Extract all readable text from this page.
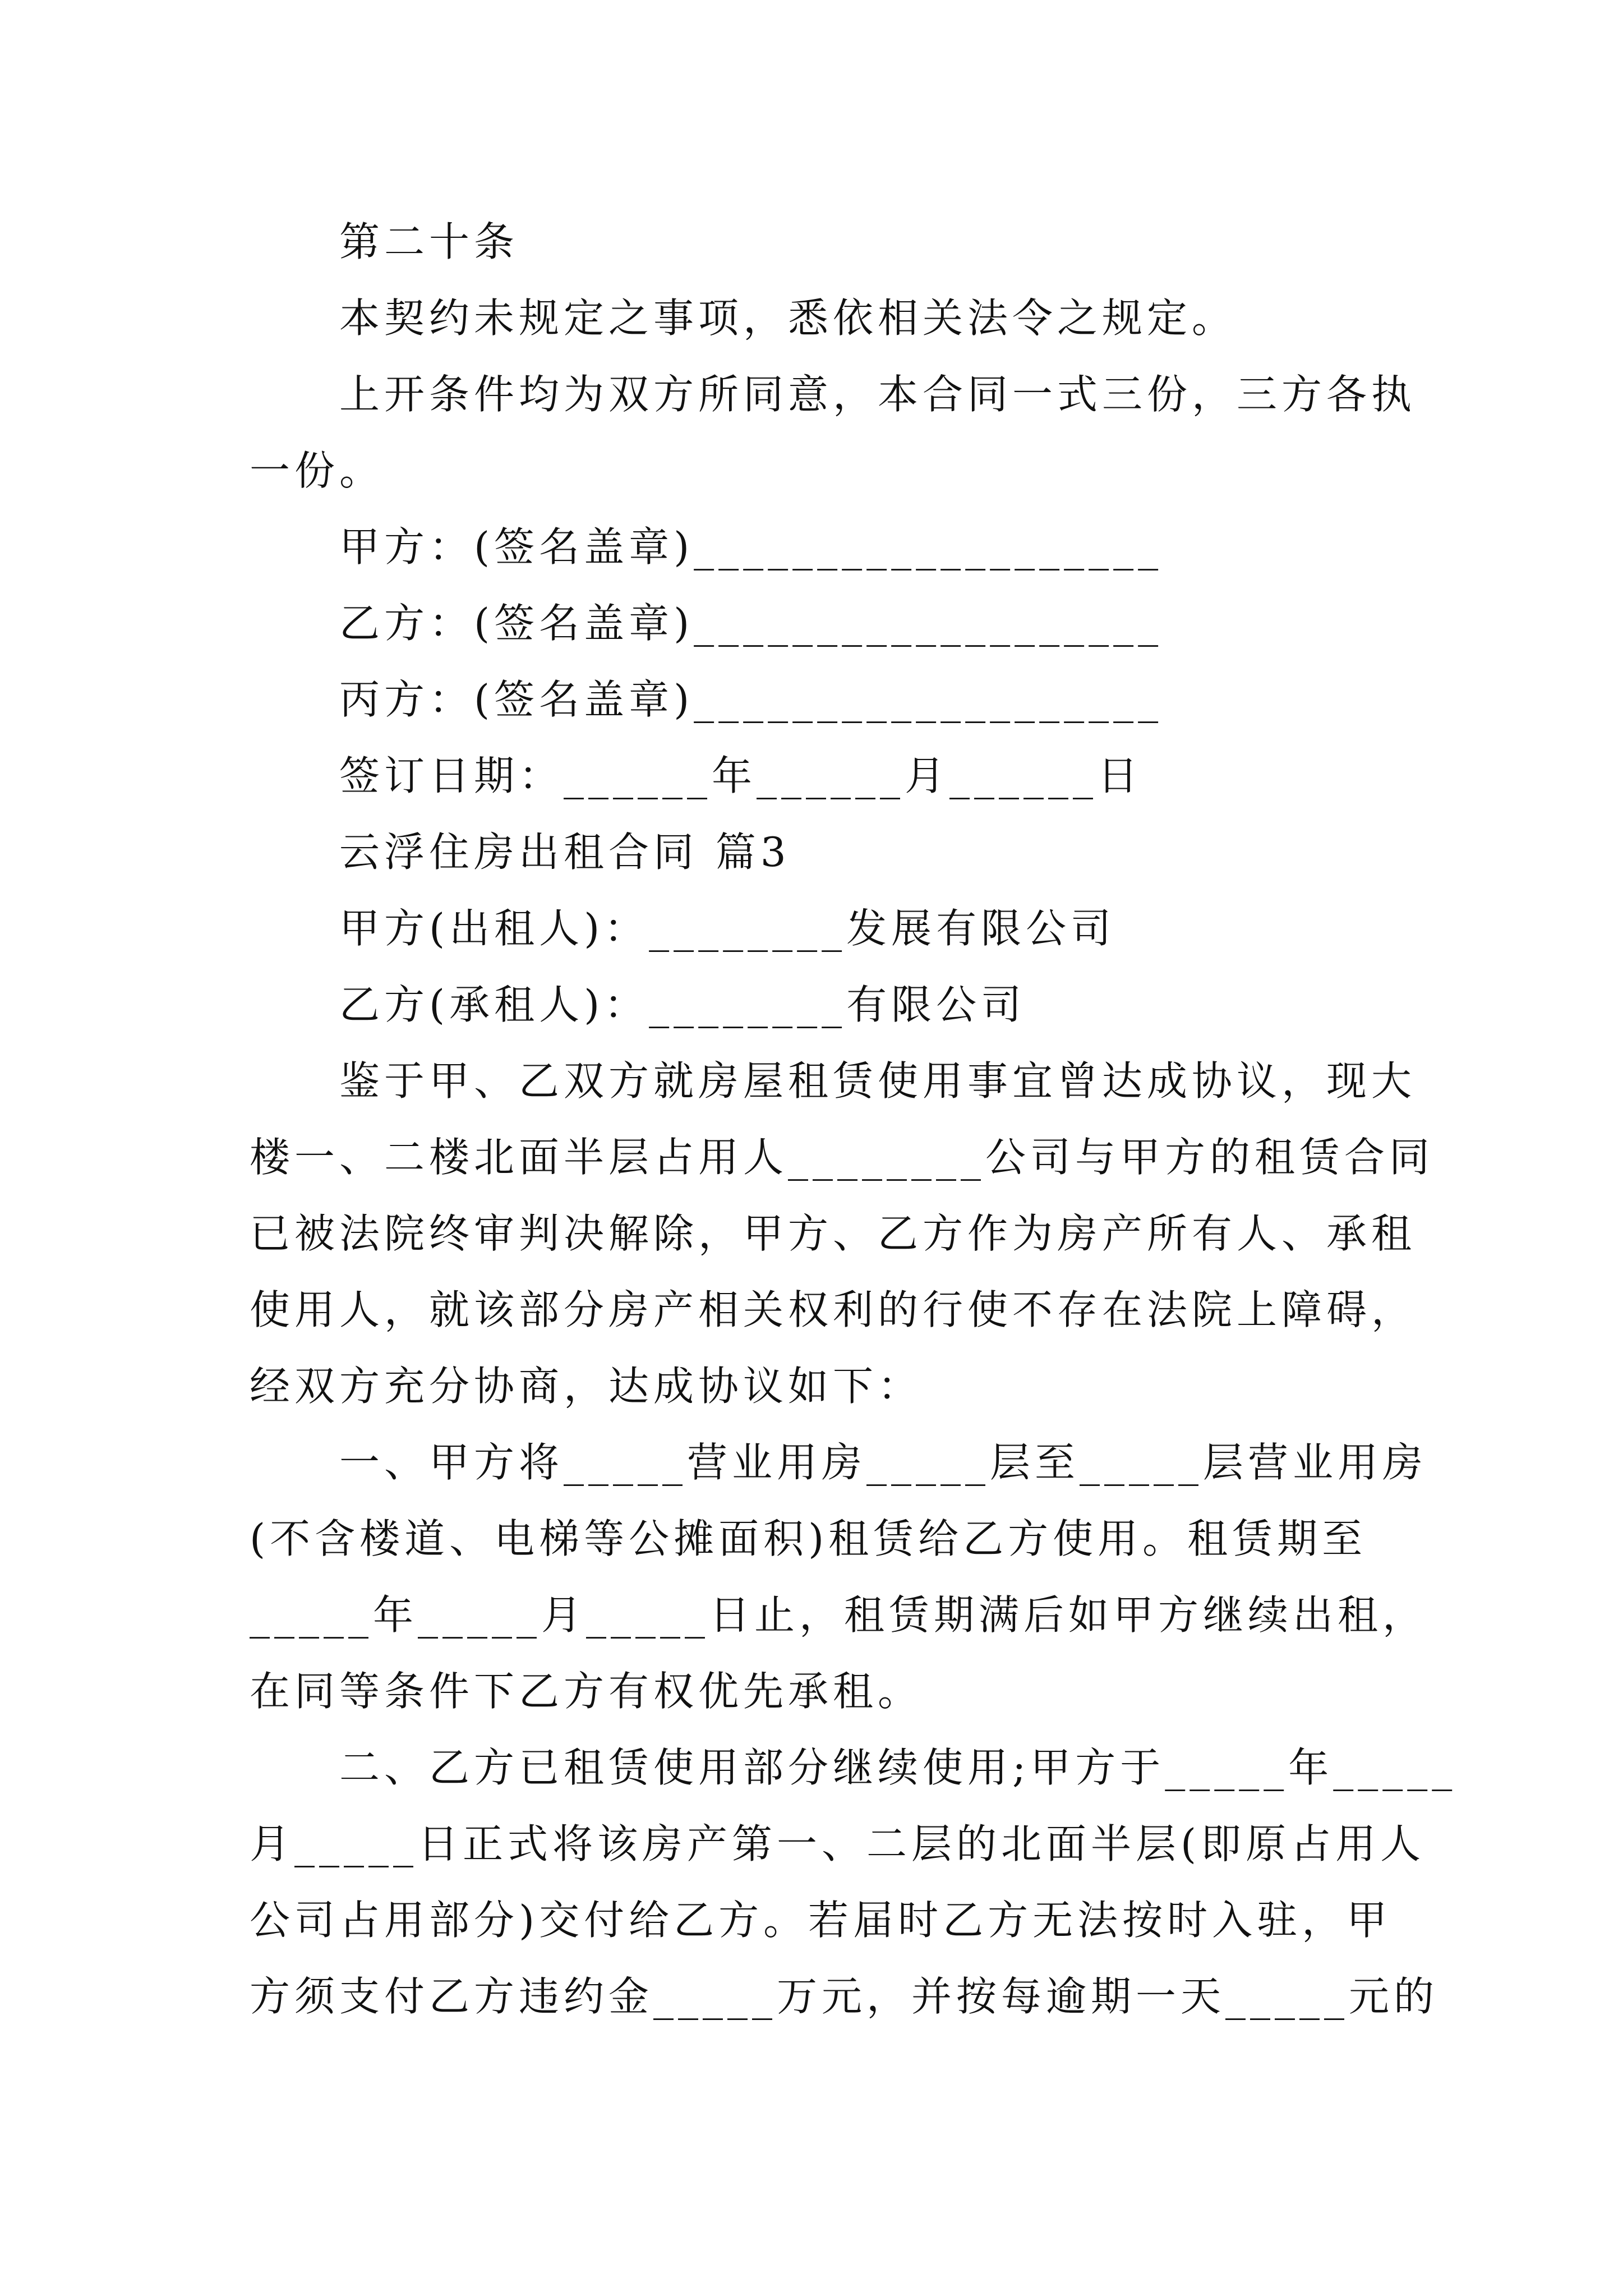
第二十条
本契约未规定之事项，悉依相关法令之规定。
上开条件均为双方所同意，本合同一式三份，三方各执
一份。
甲方：(签名盖章)___________________
乙方：(签名盖章)___________________
丙方：(签名盖章)___________________
签订日期：______年______月______日
云浮住房出租合同 篇3
甲方(出租人)：________发展有限公司
乙方(承租人)：________有限公司
鉴于甲、乙双方就房屋租赁使用事宜曾达成协议，现大
楼一、二楼北面半层占用人________公司与甲方的租赁合同
已被法院终审判决解除，甲方、乙方作为房产所有人、承租
使用人，就该部分房产相关权利的行使不存在法院上障碍，
经双方充分协商，达成协议如下：
一、甲方将_____营业用房_____层至_____层营业用房
(不含楼道、电梯等公摊面积)租赁给乙方使用。租赁期至
_____年_____月_____日止，租赁期满后如甲方继续出租，
在同等条件下乙方有权优先承租。
二、乙方已租赁使用部分继续使用;甲方于_____年_____
月_____日正式将该房产第一、二层的北面半层(即原占用人
公司占用部分)交付给乙方。若届时乙方无法按时入驻，甲
方须支付乙方违约金_____万元，并按每逾期一天_____元的
